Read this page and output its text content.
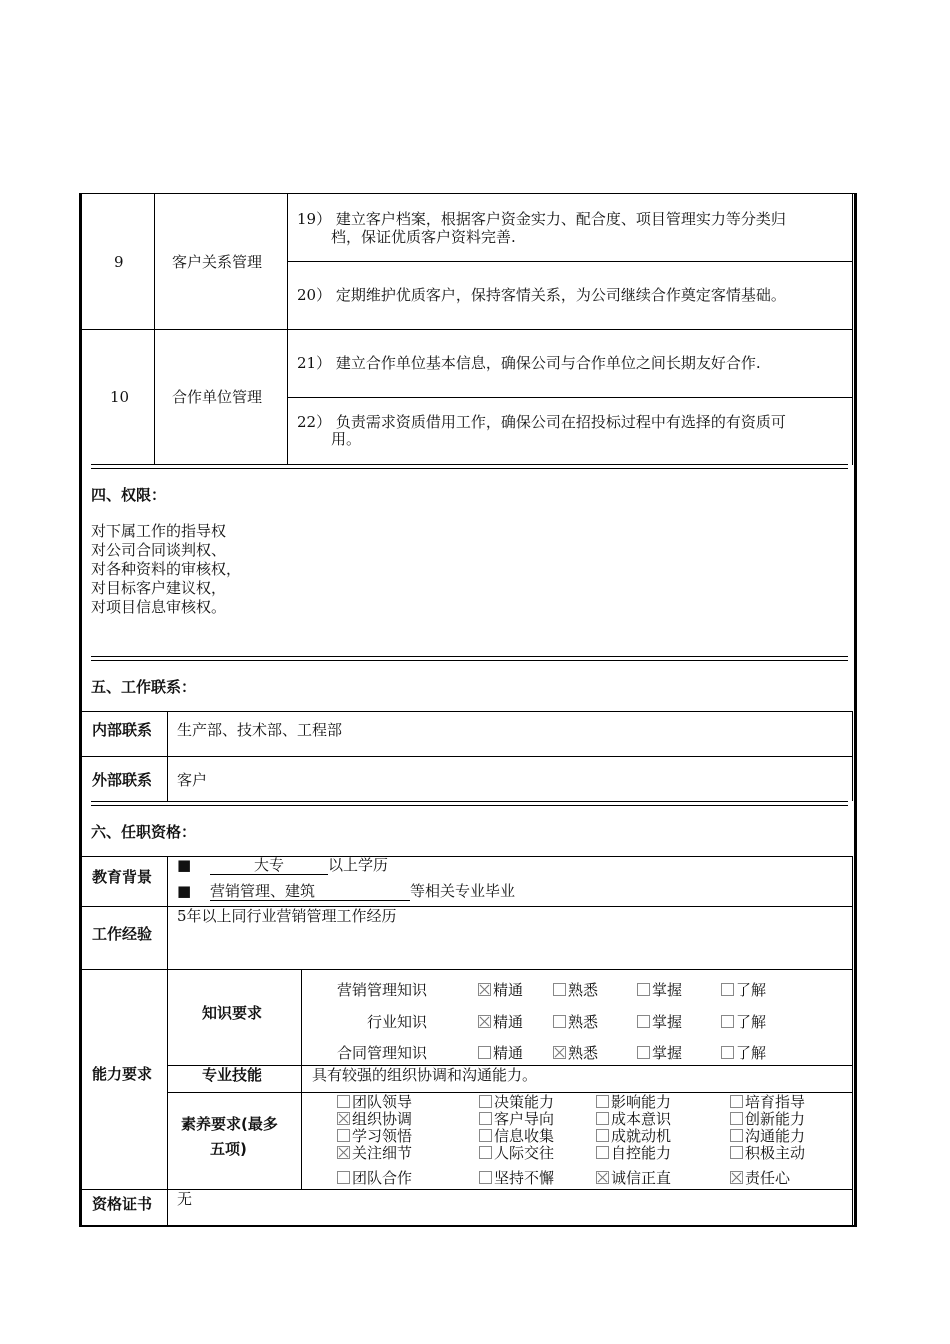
9	客户关系管理
19） 建立客户档案，根据客户资金实力、配合度、项目管理实力等分类归
档，保证优质客户资料完善.
20） 定期维护优质客户，保持客情关系，为公司继续合作奠定客情基础。
10	合作单位管理
21） 建立合作单位基本信息，确保公司与合作单位之间长期友好合作.
22） 负责需求资质借用工作，确保公司在招投标过程中有选择的有资质可
用。
四、权限：
对下属工作的指导权
对公司合同谈判权、
对各种资料的审核权，
对目标客户建议权，
对项目信息审核权。
五、工作联系：
内部联系 生产部、技术部、工程部
外部联系 客户
六、任职资格：
教育背景
■	大专	以上学历
■ 营销管理、建筑	等相关专业毕业
工作经验
5年以上同行业营销管理工作经历
能力要求
知识要求
营销管理知识	精通	熟悉	掌握	了解
行业知识	精通	熟悉	掌握	了解
合同管理知识	精通	熟悉	掌握	了解
专业技能	具有较强的组织协调和沟通能力。
素养要求(最多
五项)
团队领导	决策能力	影响能力	培育指导
组织协调	客户导向	成本意识	创新能力
学习领悟	信息收集	成就动机	沟通能力
关注细节	人际交往	自控能力	积极主动
团队合作	坚持不懈	诚信正直	责任心
资格证书 无
